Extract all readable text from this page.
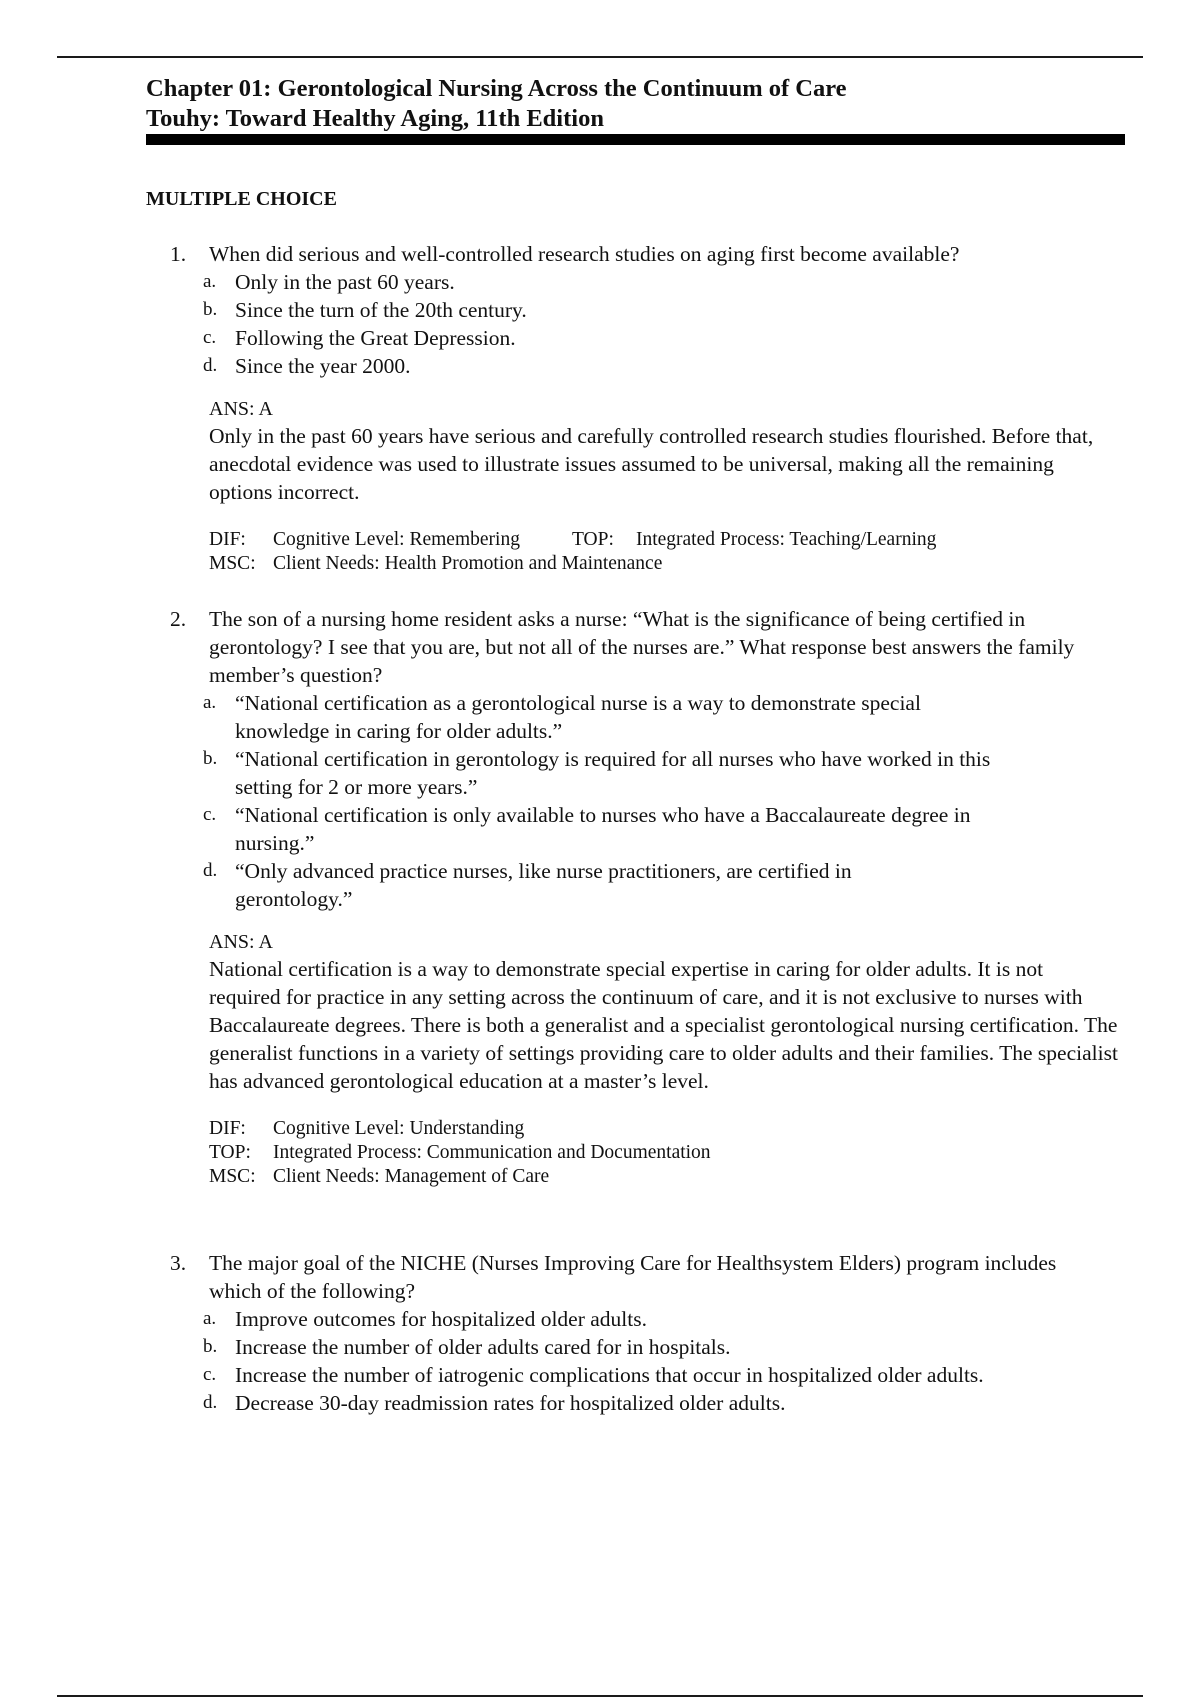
Chapter 01: Gerontological Nursing Across the Continuum of Care
Touhy: Toward Healthy Aging, 11th Edition
MULTIPLE CHOICE
1.	When did serious and well-controlled research studies on aging first become available?
a. Only in the past 60 years.
b. Since the turn of the 20th century.
c. Following the Great Depression.
d. Since the year 2000.
ANS: A
Only in the past 60 years have serious and carefully controlled research studies flourished. Before that, anecdotal evidence was used to illustrate issues assumed to be universal, making all the remaining options incorrect.
DIF:	Cognitive Level: Remembering	TOP:	Integrated Process: Teaching/Learning
MSC: Client Needs: Health Promotion and Maintenance
2.	The son of a nursing home resident asks a nurse: “What is the significance of being certified in gerontology? I see that you are, but not all of the nurses are.” What response best answers the family member’s question?
a. “National certification as a gerontological nurse is a way to demonstrate special knowledge in caring for older adults.”
b. “National certification in gerontology is required for all nurses who have worked in this setting for 2 or more years.”
c. “National certification is only available to nurses who have a Baccalaureate degree in nursing.”
d. “Only advanced practice nurses, like nurse practitioners, are certified in gerontology.”
ANS: A
National certification is a way to demonstrate special expertise in caring for older adults. It is not required for practice in any setting across the continuum of care, and it is not exclusive to nurses with Baccalaureate degrees. There is both a generalist and a specialist gerontological nursing certification. The generalist functions in a variety of settings providing care to older adults and their families. The specialist has advanced gerontological education at a master’s level.
DIF:	Cognitive Level: Understanding
TOP:	Integrated Process: Communication and Documentation
MSC: Client Needs: Management of Care
3.	The major goal of the NICHE (Nurses Improving Care for Healthsystem Elders) program includes which of the following?
a. Improve outcomes for hospitalized older adults.
b. Increase the number of older adults cared for in hospitals.
c. Increase the number of iatrogenic complications that occur in hospitalized older adults.
d. Decrease 30-day readmission rates for hospitalized older adults.
